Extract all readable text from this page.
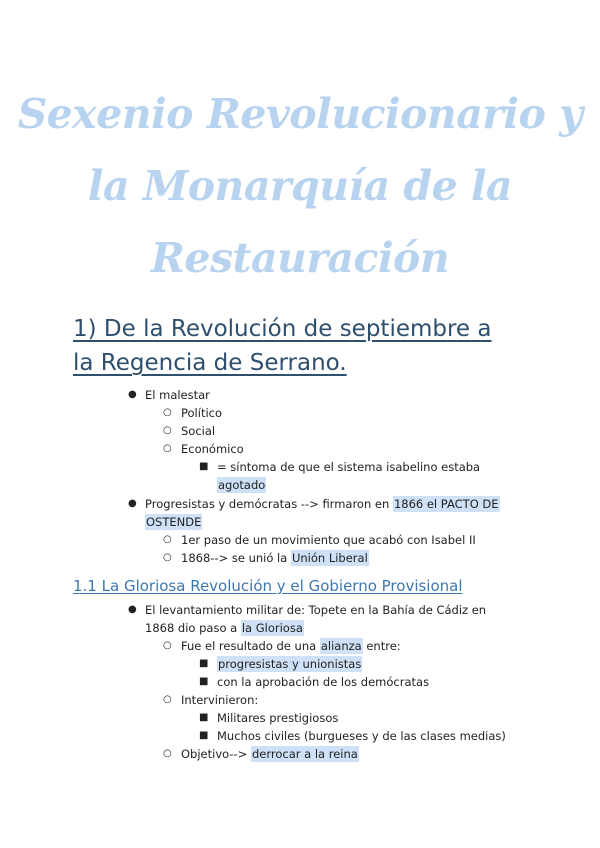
Sexenio Revolucionario y
la Monarquía de la
Restauración
1) De la Revolución de septiembre a
la Regencia de Serrano.
● El malestar
○ Político
○ Social
○ Económico
■ = síntoma de que el sistema isabelino estaba
agotado
● Progresistas y demócratas --> firmaron en 1866 el PACTO DE
OSTENDE
○ 1er paso de un movimiento que acabó con Isabel II
○ 1868--> se unió la Unión Liberal
1.1 La Gloriosa Revolución y el Gobierno Provisional
● El levantamiento militar de: Topete en la Bahía de Cádiz en
1868 dio paso a la Gloriosa
○ Fue el resultado de una alianza entre:
■ progresistas y unionistas
■ con la aprobación de los demócratas
○ Intervinieron:
■ Militares prestigiosos
■ Muchos civiles (burgueses y de las clases medias)
○ Objetivo--> derrocar a la reina
